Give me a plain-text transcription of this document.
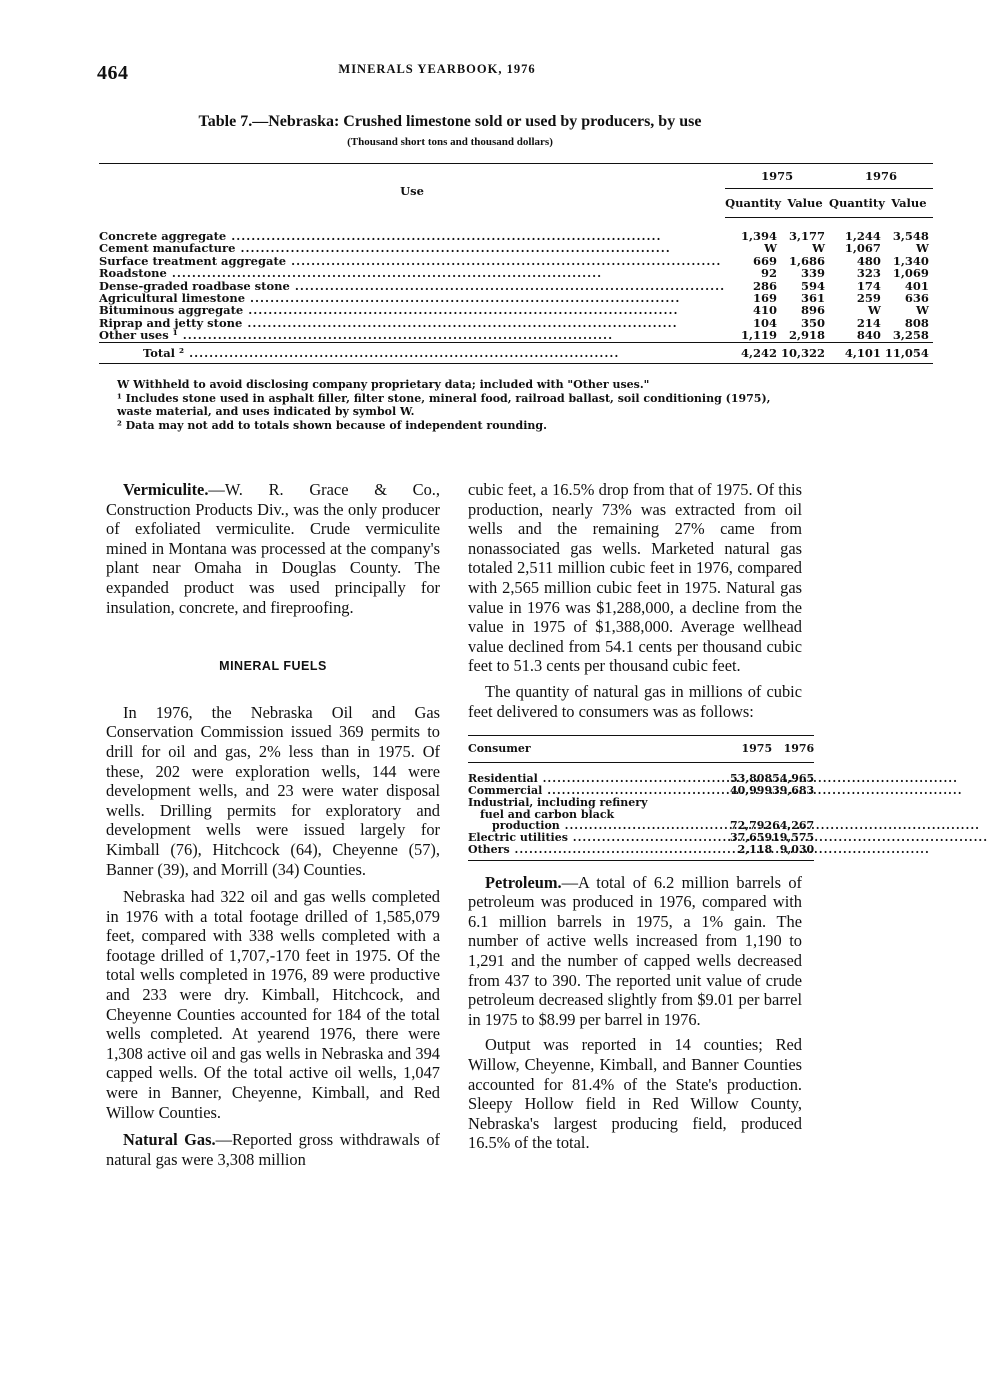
464	MINERALS YEARBOOK, 1976
Table 7.—Nebraska: Crushed limestone sold or used by producers, by use
(Thousand short tons and thousand dollars)
Use	1975		1976	
	Quantity	Value	Quantity	Value

Concrete aggregate .....	1,394	3,177	1,244	3,548
Cement manufacture .....	W	W	1,067	W
Surface treatment aggregate .....	669	1,686	480	1,340
Roadstone .....	92	339	323	1,069
Dense-graded roadbase stone .....	286	594	174	401
Agricultural limestone .....	169	361	259	636
Bituminous aggregate .....	410	896	W	W
Riprap and jetty stone .....	104	350	214	808
Other uses ¹ .....	1,119	2,918	840	3,258
Total ² .....	4,242	10,322	4,101	11,054

W Withheld to avoid disclosing company proprietary data; included with "Other uses."

¹ Includes stone used in asphalt filler, filter stone, mineral food, railroad ballast, soil conditioning (1975), waste material, and uses indicated by symbol W.

² Data may not add to totals shown because of independent rounding.

Vermiculite.—W. R. Grace & Co., Construction Products Div., was the only producer of exfoliated vermiculite. Crude vermiculite mined in Montana was processed at the company's plant near Omaha in Douglas County. The expanded product was used principally for insulation, concrete, and fireproofing.

MINERAL FUELS

In 1976, the Nebraska Oil and Gas Conservation Commission issued 369 permits to drill for oil and gas, 2% less than in 1975. Of these, 202 were exploration wells, 144 were development wells, and 23 were water disposal wells. Drilling permits for exploratory and development wells were issued largely for Kimball (76), Hitchcock (64), Cheyenne (57), Banner (39), and Morrill (34) Counties.

Nebraska had 322 oil and gas wells completed in 1976 with a total footage drilled of 1,585,079 feet, compared with 338 wells completed with a footage drilled of 1,707,-170 feet in 1975. Of the total wells completed in 1976, 89 were productive and 233 were dry. Kimball, Hitchcock, and Cheyenne Counties accounted for 184 of the total wells completed. At yearend 1976, there were 1,308 active oil and gas wells in Nebraska and 394 capped wells. Of the total active oil wells, 1,047 were in Banner, Cheyenne, Kimball, and Red Willow Counties.

Natural Gas.—Reported gross withdrawals of natural gas were 3,308 million

cubic feet, a 16.5% drop from that of 1975. Of this production, nearly 73% was extracted from oil wells and the remaining 27% came from nonassociated gas wells. Marketed natural gas totaled 2,511 million cubic feet in 1976, compared with 2,565 million cubic feet in 1975. Natural gas value in 1976 was $1,288,000, a decline from the value in 1975 of $1,388,000. Average wellhead value declined from 54.1 cents per thousand cubic feet to 51.3 cents per thousand cubic feet.

The quantity of natural gas in millions of cubic feet delivered to consumers was as follows:

Consumer	1975	1976

Residential .....	53,808	54,965
Commercial .....	40,999	39,683
Industrial, including refinery		
fuel and carbon black		
production .....	72,792	64,267
Electric utilities .....	37,659	19,575
Others .....	2,118	9,030

Petroleum.—A total of 6.2 million barrels of petroleum was produced in 1976, compared with 6.1 million barrels in 1975, a 1% gain. The number of active wells increased from 1,190 to 1,291 and the number of capped wells decreased from 437 to 390. The reported unit value of crude petroleum decreased slightly from $9.01 per barrel in 1975 to $8.99 per barrel in 1976.

Output was reported in 14 counties; Red Willow, Cheyenne, Kimball, and Banner Counties accounted for 81.4% of the State's production. Sleepy Hollow field in Red Willow County, Nebraska's largest producing field, produced 16.5% of the total.
